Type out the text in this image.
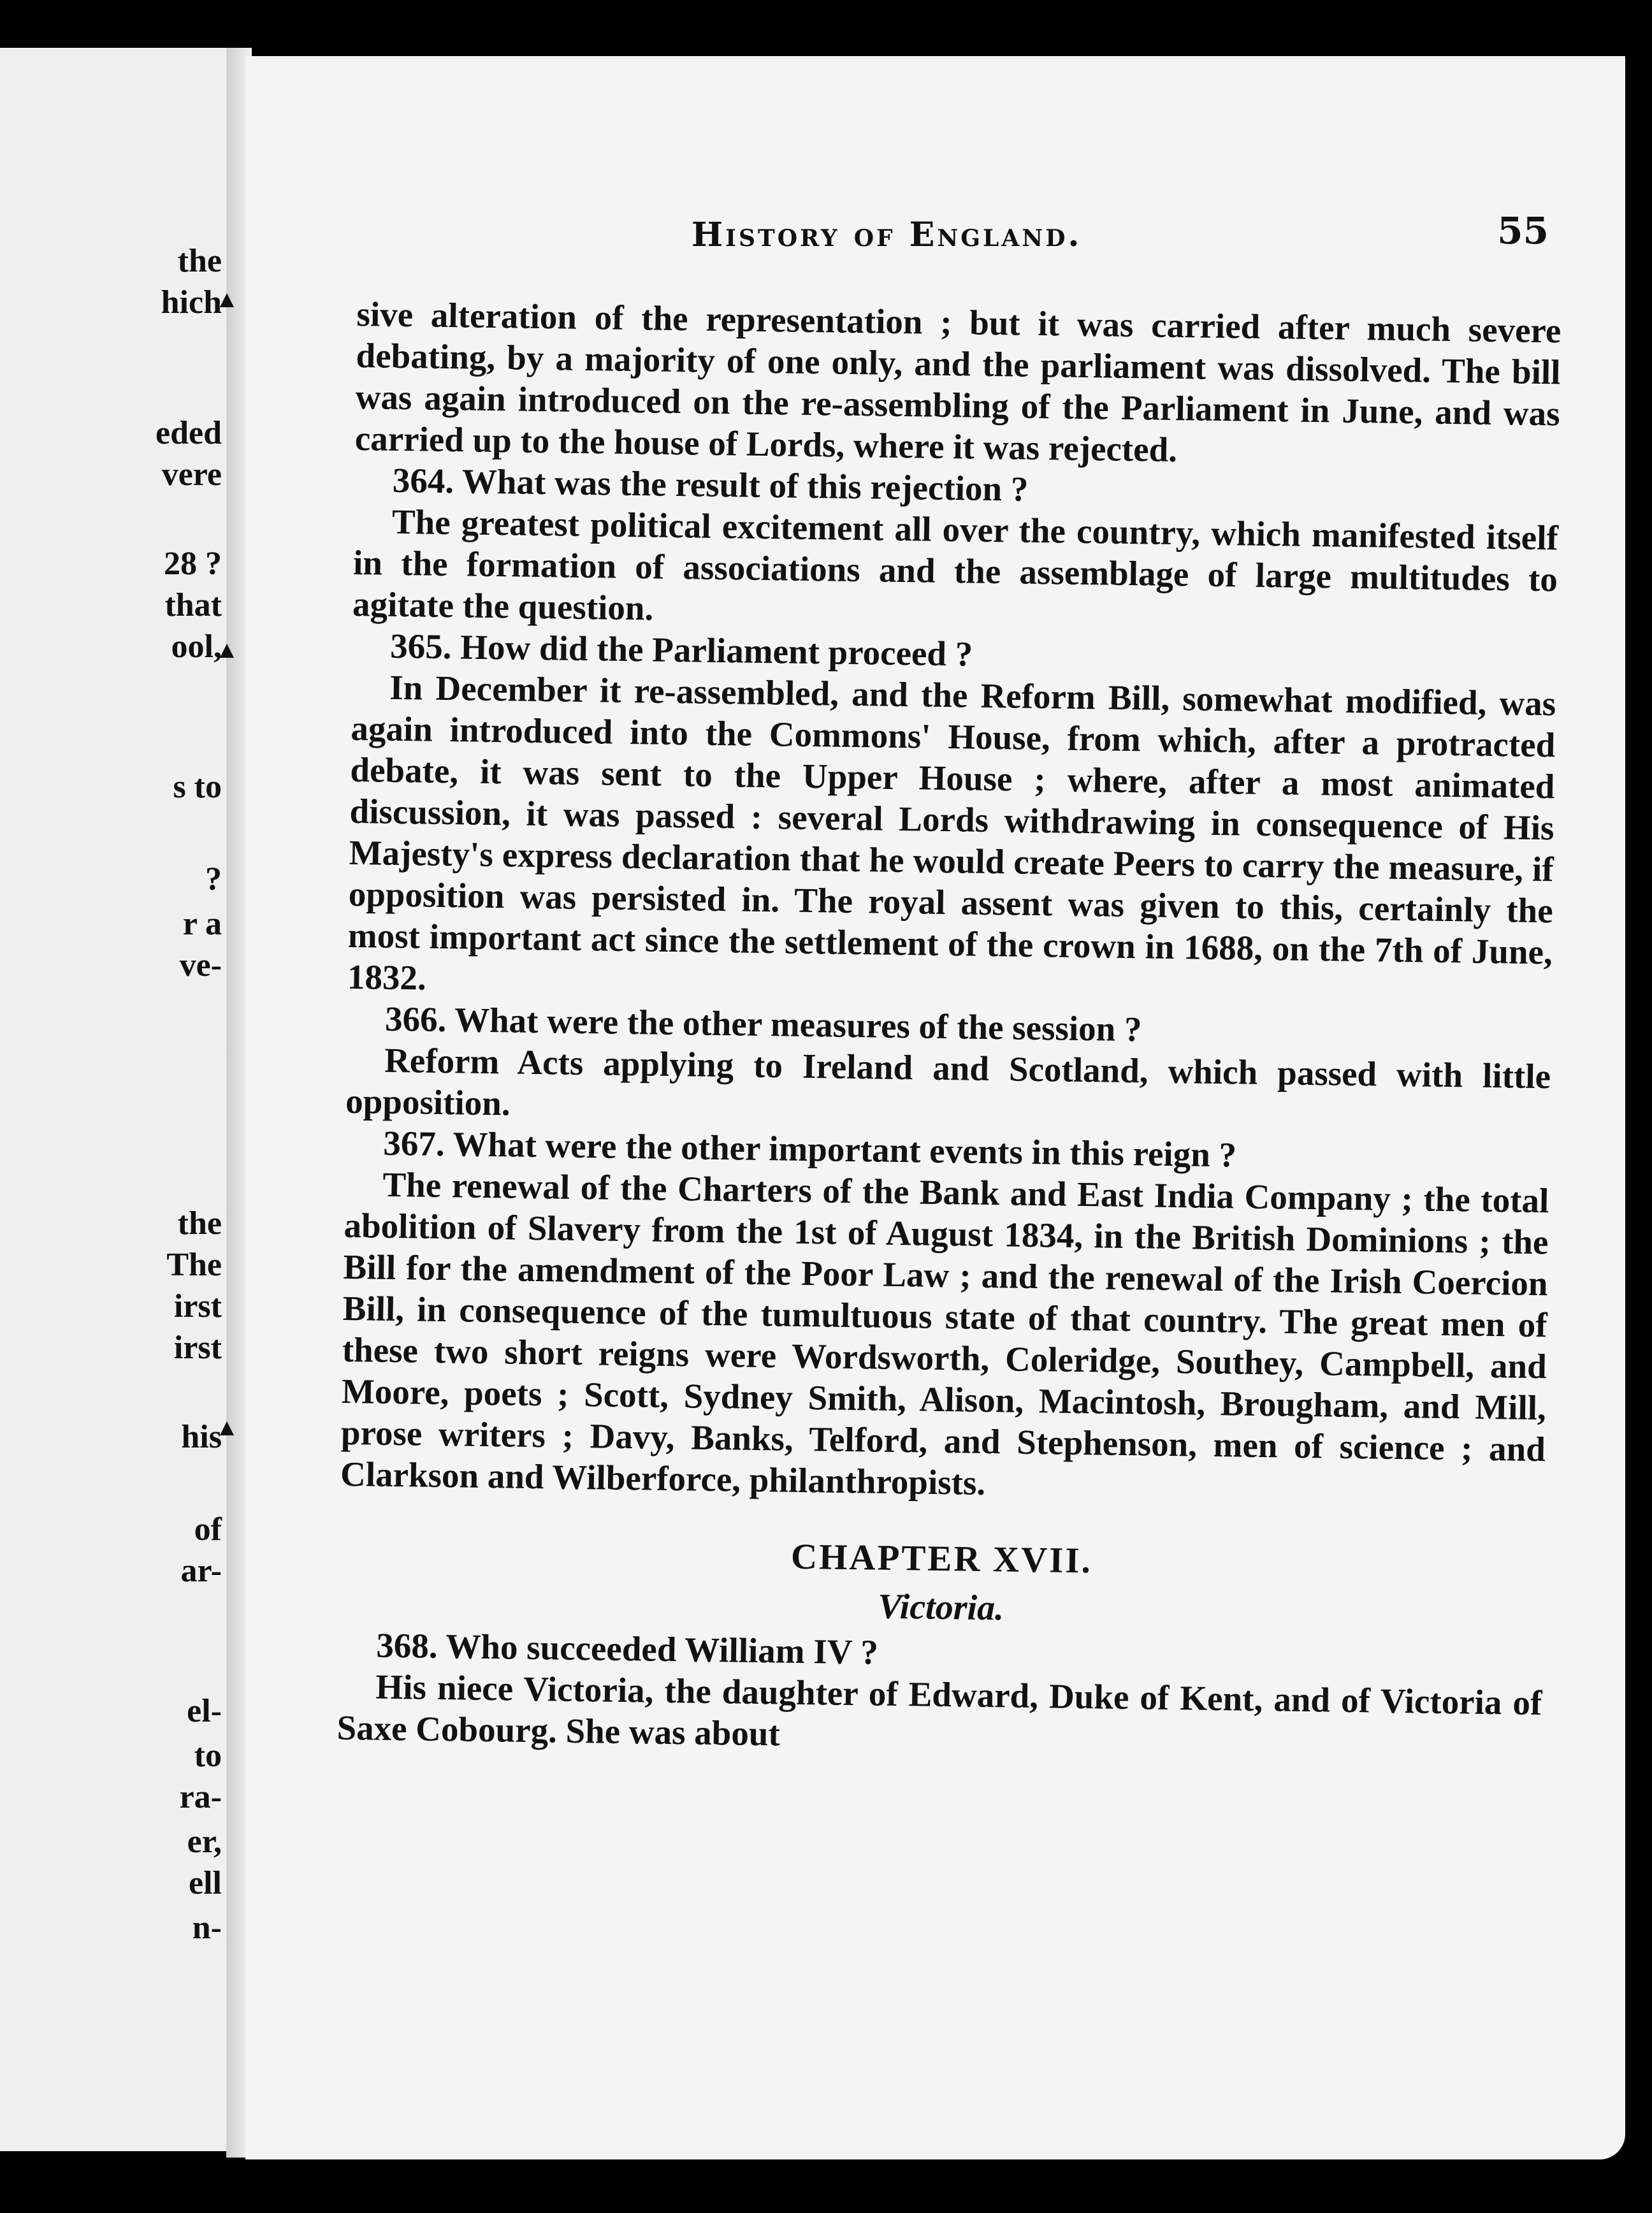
the
hich
eded
vere
28 ?
that
ool,
s to
?
r a
ve-
the
The
irst
irst
his
of
ar-
el-
to
ra-
er,
ell
n-
History of England.	55

sive alteration of the representation ; but it was carried after much severe debating, by a majority of one only, and the parliament was dissolved. The bill was again introduced on the re-assembling of the Parliament in June, and was carried up to the house of Lords, where it was rejected.

364. What was the result of this rejection ?

The greatest political excitement all over the country, which manifested itself in the formation of associations and the assemblage of large multitudes to agitate the question.

365. How did the Parliament proceed ?

In December it re-assembled, and the Reform Bill, somewhat modified, was again introduced into the Commons' House, from which, after a protracted debate, it was sent to the Upper House ; where, after a most animated discussion, it was passed : several Lords withdrawing in consequence of His Majesty's express declaration that he would create Peers to carry the measure, if opposition was persisted in. The royal assent was given to this, certainly the most important act since the settlement of the crown in 1688, on the 7th of June, 1832.

366. What were the other measures of the session ?

Reform Acts applying to Ireland and Scotland, which passed with little opposition.

367. What were the other important events in this reign ?

The renewal of the Charters of the Bank and East India Company ; the total abolition of Slavery from the 1st of August 1834, in the British Dominions ; the Bill for the amendment of the Poor Law ; and the renewal of the Irish Coercion Bill, in consequence of the tumultuous state of that country. The great men of these two short reigns were Wordsworth, Coleridge, Southey, Campbell, and Moore, poets ; Scott, Sydney Smith, Alison, Macintosh, Brougham, and Mill, prose writers ; Davy, Banks, Telford, and Stephenson, men of science ; and Clarkson and Wilberforce, philanthropists.

CHAPTER XVII.

Victoria.

368. Who succeeded William IV ?

His niece Victoria, the daughter of Edward, Duke of Kent, and of Victoria of Saxe Cobourg. She was about
